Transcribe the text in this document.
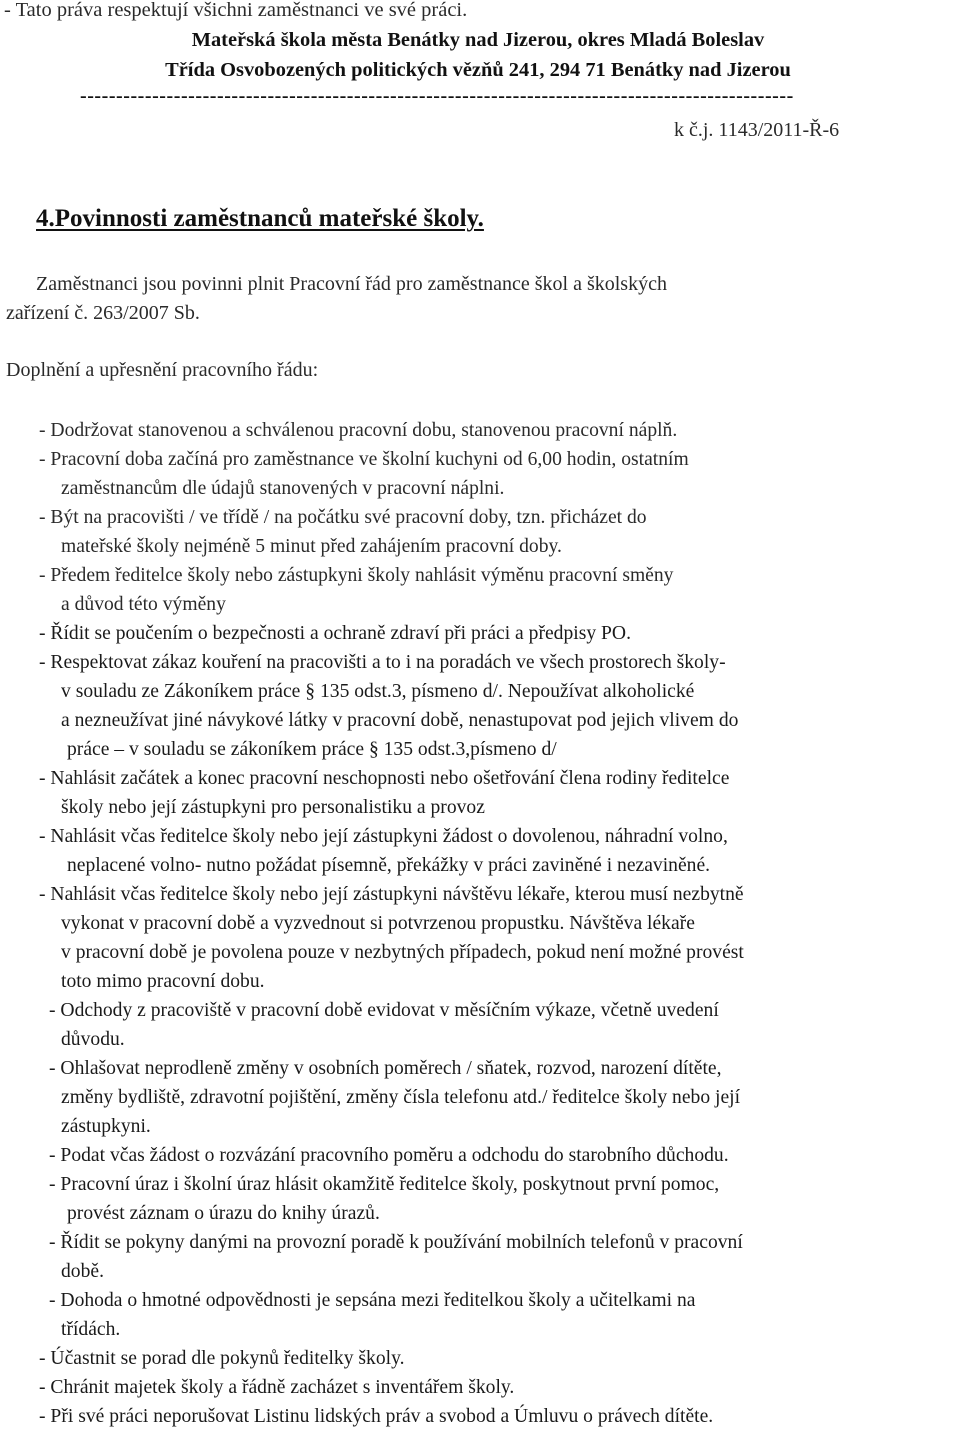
- Tato práva respektují všichni zaměstnanci ve své práci.
Mateřská škola města Benátky nad Jizerou, okres Mladá Boleslav
Třída Osvobozených politických vězňů 241, 294 71 Benátky nad Jizerou
---------------------------------------------------------------------------------------------------
k č.j. 1143/2011-Ř-6
4.Povinnosti zaměstnanců mateřské školy.
Zaměstnanci jsou povinni plnit Pracovní řád pro zaměstnance škol a školských
zařízení č. 263/2007 Sb.
Doplnění a upřesnění pracovního řádu:
- Dodržovat stanovenou a schválenou pracovní dobu, stanovenou pracovní náplň.
- Pracovní doba začíná pro zaměstnance ve školní kuchyni od 6,00 hodin, ostatním
zaměstnancům dle údajů stanovených v pracovní náplni.
- Být na pracovišti / ve třídě / na počátku své pracovní doby, tzn. přicházet do
mateřské školy nejméně 5 minut před zahájením pracovní doby.
- Předem ředitelce školy nebo zástupkyni školy nahlásit výměnu pracovní směny
a důvod této výměny
- Řídit se poučením o bezpečnosti a ochraně zdraví při práci a předpisy PO.
- Respektovat zákaz kouření na pracovišti a to i na poradách ve všech prostorech školy-
v souladu ze Zákoníkem práce § 135 odst.3, písmeno d/. Nepoužívat alkoholické
a nezneužívat jiné návykové látky v pracovní době, nenastupovat pod jejich vlivem do
práce – v souladu se zákoníkem práce § 135 odst.3,písmeno d/
- Nahlásit začátek a konec pracovní neschopnosti nebo ošetřování člena rodiny ředitelce
školy nebo její zástupkyni pro personalistiku a provoz
- Nahlásit včas ředitelce školy nebo její zástupkyni žádost o dovolenou, náhradní volno,
neplacené volno- nutno požádat písemně, překážky v práci zaviněné i nezaviněné.
- Nahlásit včas ředitelce školy nebo její zástupkyni návštěvu lékaře, kterou musí nezbytně
vykonat v pracovní době a vyzvednout si potvrzenou propustku. Návštěva lékaře
v pracovní době je povolena pouze v nezbytných případech, pokud není možné provést
toto mimo pracovní dobu.
- Odchody z pracoviště v pracovní době evidovat v měsíčním výkaze, včetně uvedení
důvodu.
- Ohlašovat neprodleně změny v osobních poměrech / sňatek, rozvod, narození dítěte,
změny bydliště, zdravotní pojištění, změny čísla telefonu atd./ ředitelce školy nebo její
zástupkyni.
- Podat včas žádost o rozvázání pracovního poměru a odchodu do starobního důchodu.
- Pracovní úraz i školní úraz hlásit okamžitě ředitelce školy, poskytnout první pomoc,
provést záznam o úrazu do knihy úrazů.
- Řídit se pokyny danými na provozní poradě k používání mobilních telefonů v pracovní
době.
- Dohoda o hmotné odpovědnosti je sepsána mezi ředitelkou školy a učitelkami na
třídách.
- Účastnit se porad dle pokynů ředitelky školy.
- Chránit majetek školy a řádně zacházet s inventářem školy.
- Při své práci neporušovat Listinu lidských práv a svobod a Úmluvu o právech dítěte.
